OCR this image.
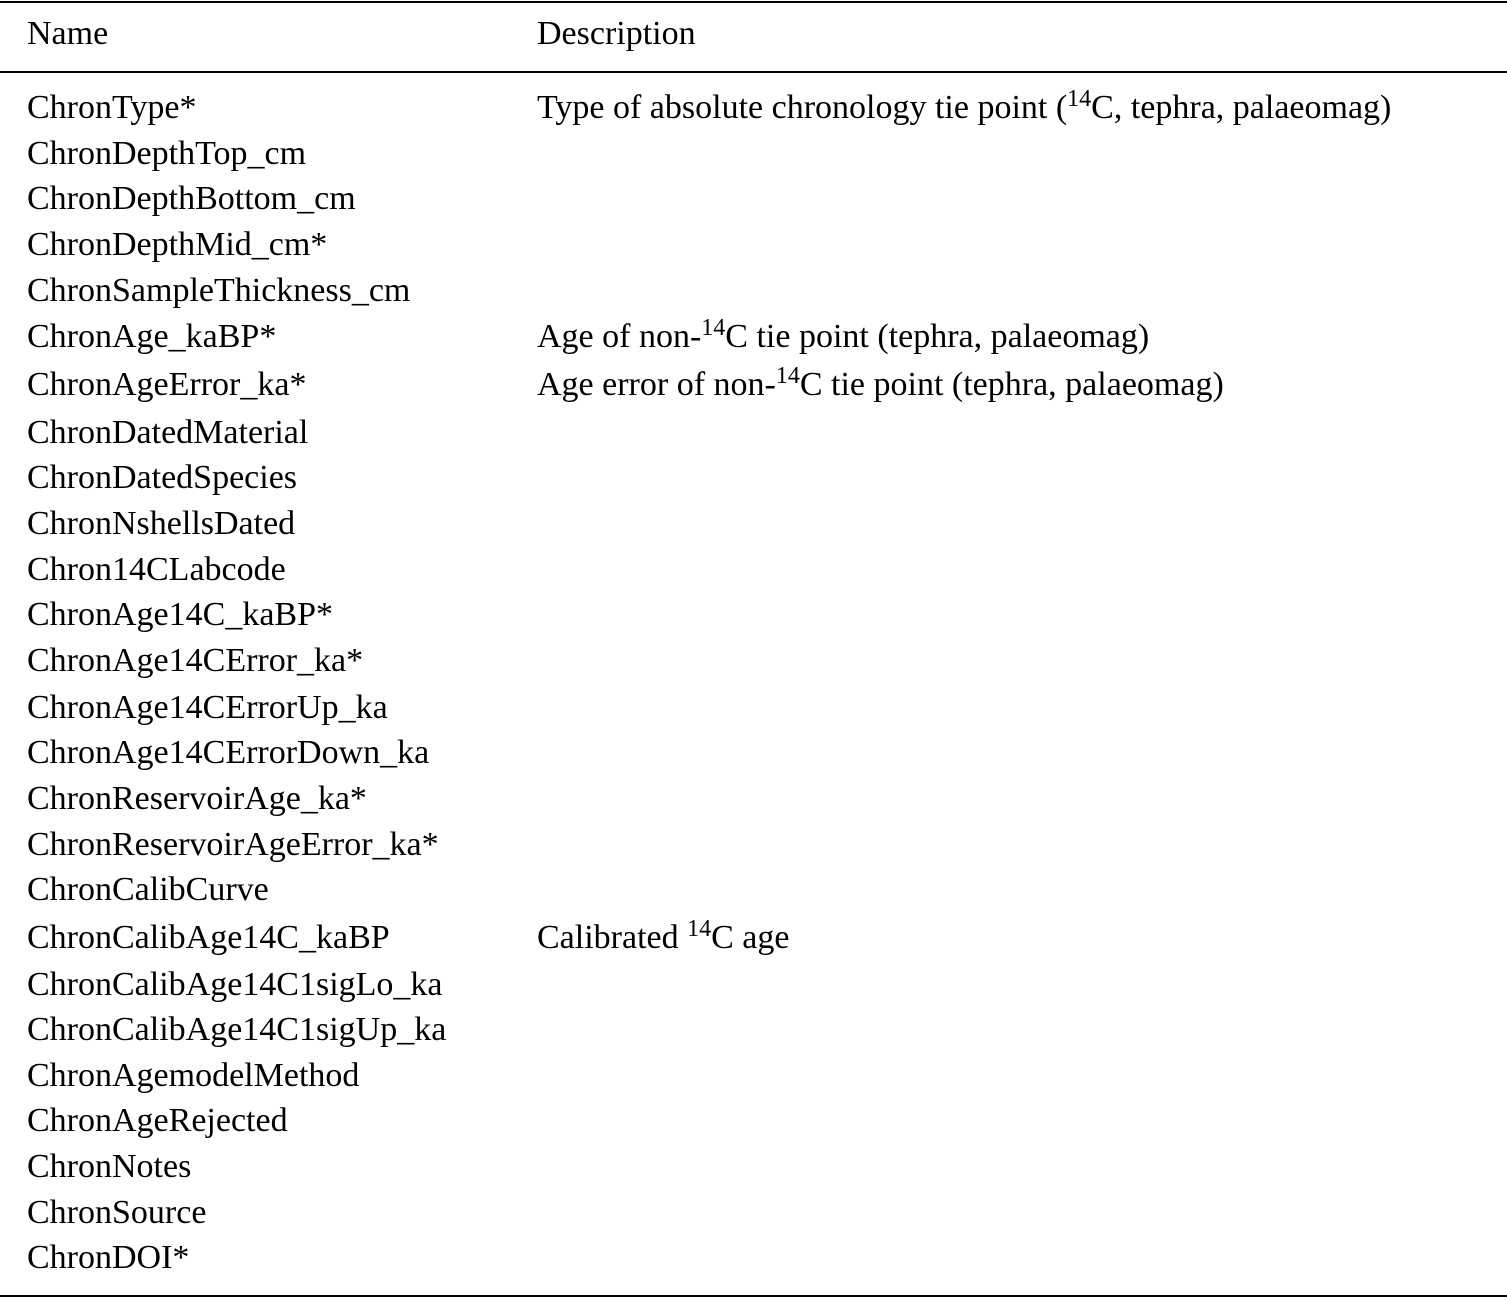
Name	Description
ChronType*	Type of absolute chronology tie point ($^{14}$C, tephra, palaeomag)
ChronDepthTop_cm
ChronDepthBottom_cm
ChronDepthMid_cm*
ChronSampleThickness_cm
ChronAge_kaBP*	Age of non-$^{14}$C tie point (tephra, palaeomag)
ChronAgeError_ka*	Age error of non-$^{14}$C tie point (tephra, palaeomag)
ChronDatedMaterial
ChronDatedSpecies
ChronNshellsDated
Chron14CLabcode
ChronAge14C_kaBP*
ChronAge14CError_ka*
ChronAge14CErrorUp_ka
ChronAge14CErrorDown_ka
ChronReservoirAge_ka*
ChronReservoirAgeError_ka*
ChronCalibCurve
ChronCalibAge14C_kaBP	Calibrated $^{14}$C age
ChronCalibAge14C1sigLo_ka
ChronCalibAge14C1sigUp_ka
ChronAgemodelMethod
ChronAgeRejected
ChronNotes
ChronSource
ChronDOI*
